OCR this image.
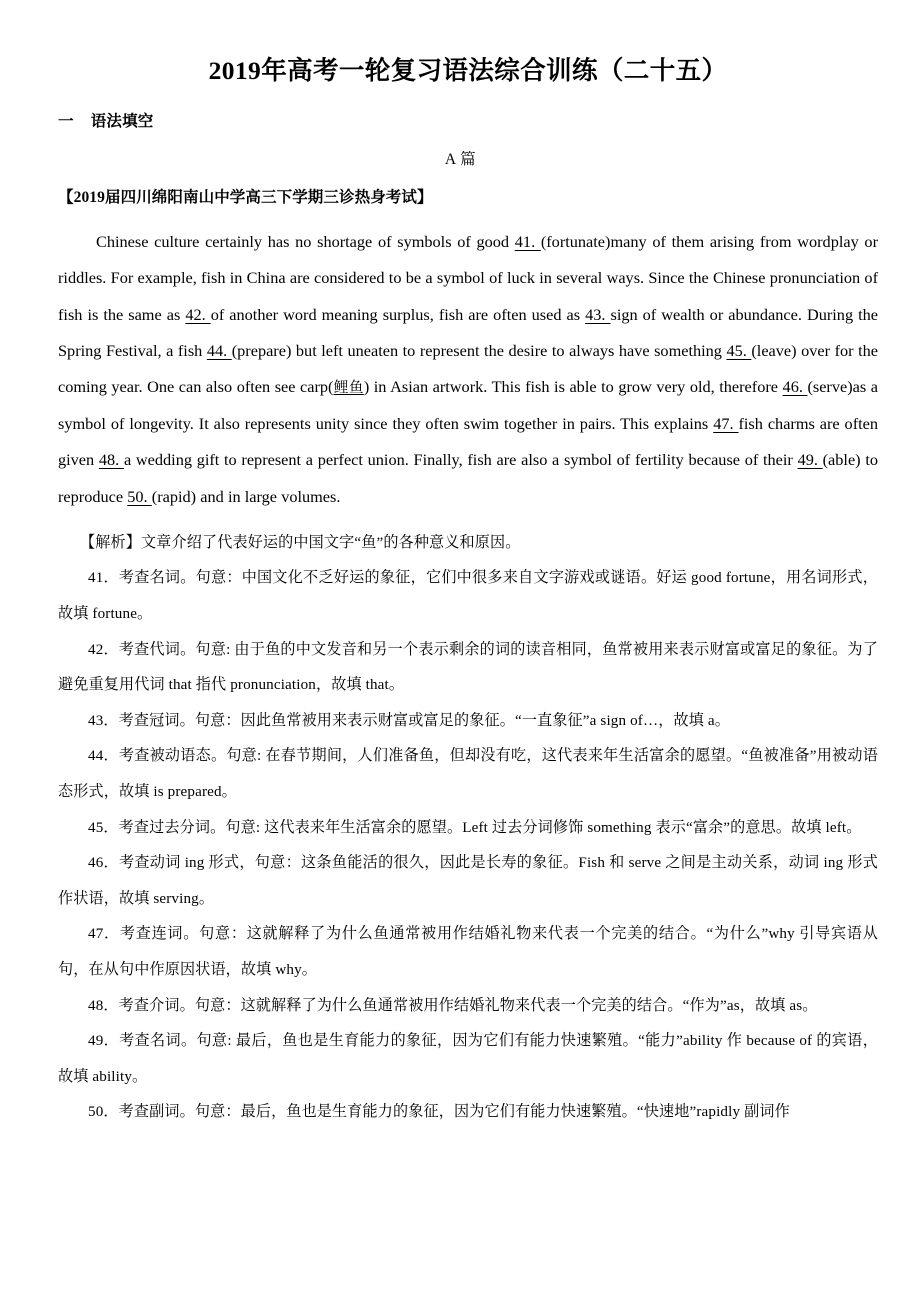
2019年高考一轮复习语法综合训练（二十五）
一 语法填空
A 篇
【2019届四川绵阳南山中学高三下学期三诊热身考试】
Chinese culture certainly has no shortage of symbols of good 41. (fortunate)many of them arising from wordplay or riddles. For example, fish in China are considered to be a symbol of luck in several ways. Since the Chinese pronunciation of fish is the same as 42. of another word meaning surplus, fish are often used as 43. sign of wealth or abundance. During the Spring Festival, a fish 44. (prepare) but left uneaten to represent the desire to always have something 45. (leave) over for the coming year. One can also often see carp(鲤鱼) in Asian artwork. This fish is able to grow very old, therefore 46. (serve)as a symbol of longevity. It also represents unity since they often swim together in pairs. This explains 47. fish charms are often given 48. a wedding gift to represent a perfect union. Finally, fish are also a symbol of fertility because of their 49. (able) to reproduce 50. (rapid) and in large volumes.

【解析】文章介绍了代表好运的中国文字“鱼”的各种意义和原因。

41．考查名词。句意：中国文化不乏好运的象征，它们中很多来自文字游戏或谜语。好运 good fortune，用名词形式，故填 fortune。

42．考查代词。句意: 由于鱼的中文发音和另一个表示剩余的词的读音相同，鱼常被用来表示财富或富足的象征。为了避免重复用代词 that 指代 pronunciation，故填 that。

43．考查冠词。句意：因此鱼常被用来表示财富或富足的象征。“一直象征”a sign of…，故填 a。

44．考查被动语态。句意: 在春节期间，人们准备鱼，但却没有吃，这代表来年生活富余的愿望。“鱼被准备”用被动语态形式，故填 is prepared。

45．考查过去分词。句意: 这代表来年生活富余的愿望。Left 过去分词修饰 something 表示“富余”的意思。故填 left。

46．考查动词 ing 形式，句意：这条鱼能活的很久，因此是长寿的象征。Fish 和 serve 之间是主动关系，动词 ing 形式作状语，故填 serving。

47．考查连词。句意：这就解释了为什么鱼通常被用作结婚礼物来代表一个完美的结合。“为什么”why 引导宾语从句，在从句中作原因状语，故填 why。

48．考查介词。句意：这就解释了为什么鱼通常被用作结婚礼物来代表一个完美的结合。“作为”as，故填 as。

49．考查名词。句意: 最后，鱼也是生育能力的象征，因为它们有能力快速繁殖。“能力”ability 作 because of 的宾语，故填 ability。

50．考查副词。句意：最后，鱼也是生育能力的象征，因为它们有能力快速繁殖。“快速地”rapidly 副词作
